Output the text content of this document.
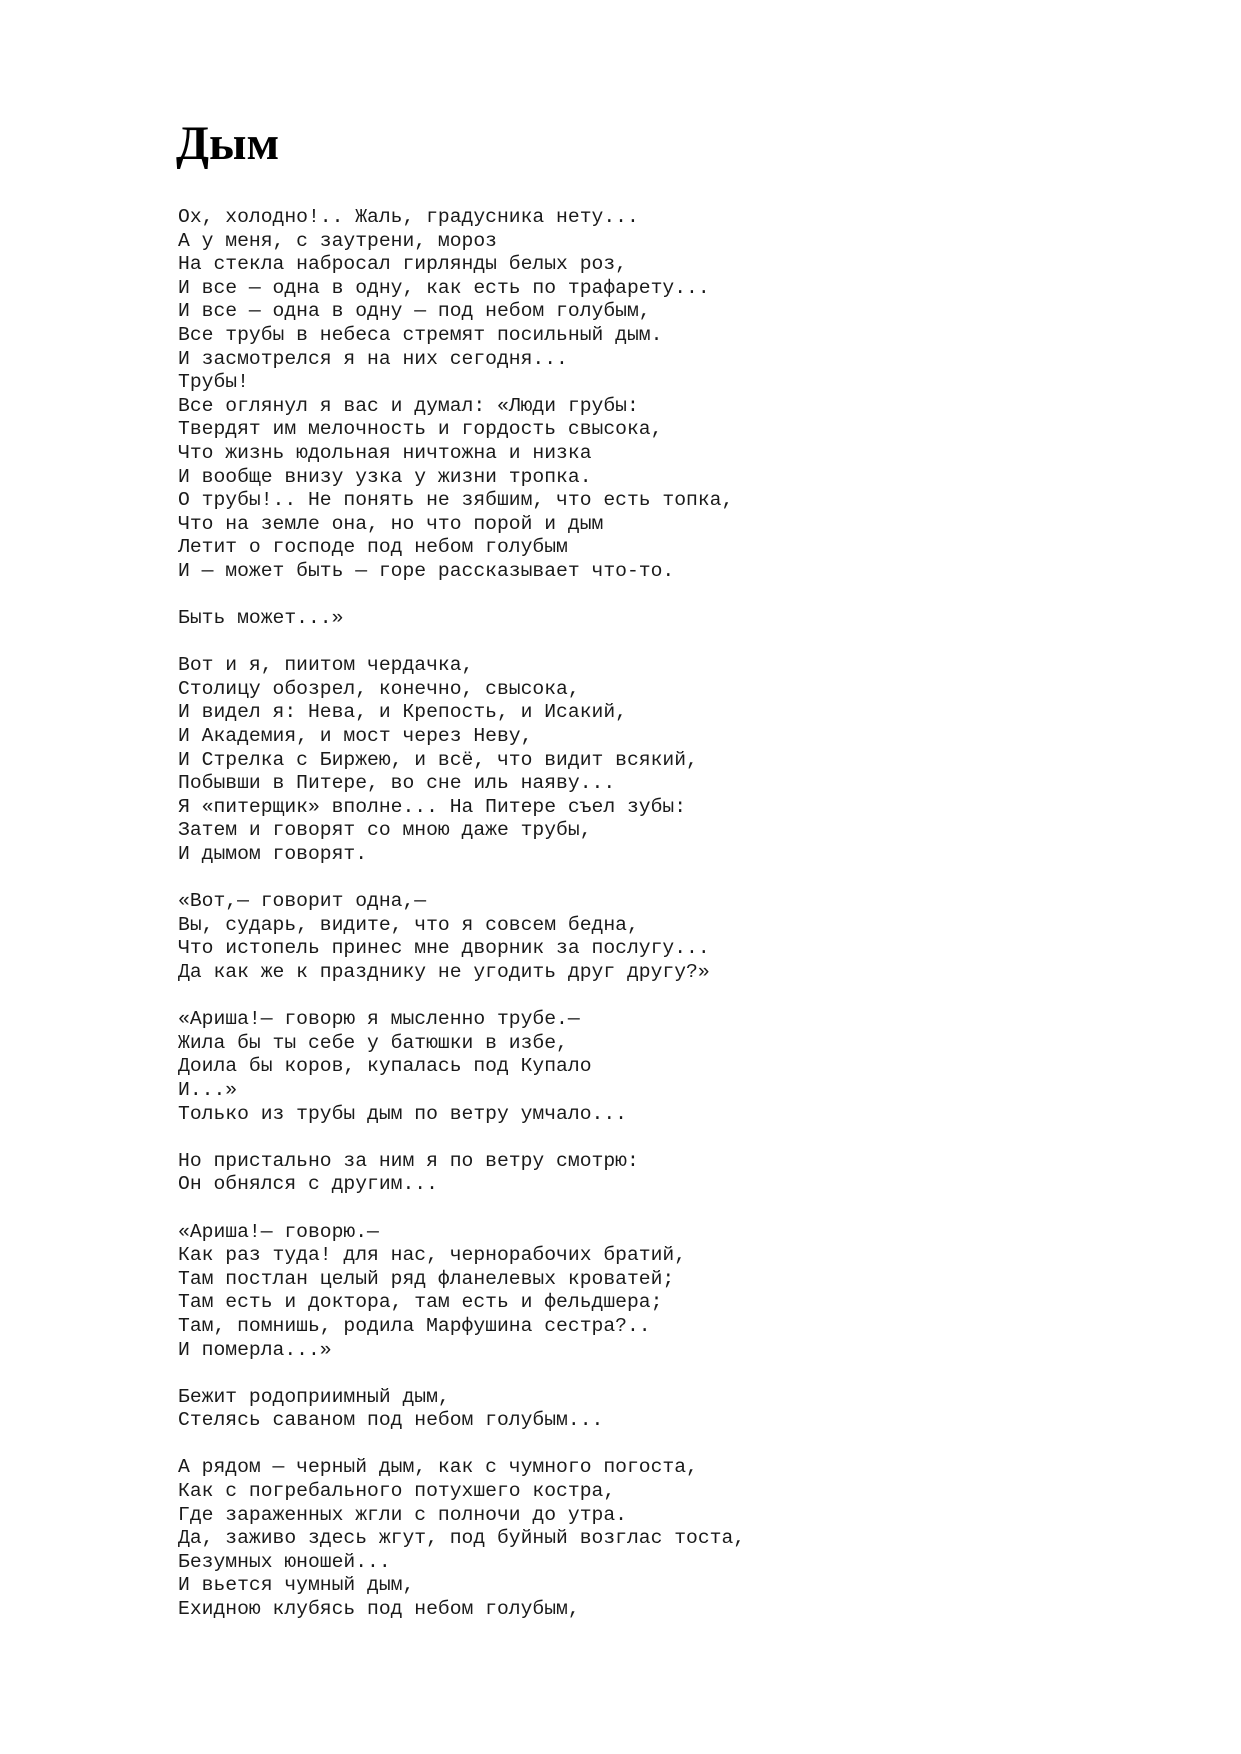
Дым
Ох, холодно!.. Жаль, градусника нету...
А у меня, с заутрени, мороз
На стекла набросал гирлянды белых роз,
И все — одна в одну, как есть по трафарету...
И все — одна в одну — под небом голубым,
Все трубы в небеса стремят посильный дым.
И засмотрелся я на них сегодня...
Трубы!
Все оглянул я вас и думал: «Люди грубы:
Твердят им мелочность и гордость свысока,
Что жизнь юдольная ничтожна и низка
И вообще внизу узка у жизни тропка.
О трубы!.. Не понять не зябшим, что есть топка,
Что на земле она, но что порой и дым
Летит о господе под небом голубым
И — может быть — горе рассказывает что-то.
Быть может...»
Вот и я, пиитом чердачка,
Столицу обозрел, конечно, свысока,
И видел я: Нева, и Крепость, и Исакий,
И Академия, и мост через Неву,
И Стрелка с Биржею, и всё, что видит всякий,
Побывши в Питере, во сне иль наяву...
Я «питерщик» вполне... На Питере съел зубы:
Затем и говорят со мною даже трубы,
И дымом говорят.
«Вот,— говорит одна,—
Вы, сударь, видите, что я совсем бедна,
Что истопель принес мне дворник за послугу...
Да как же к празднику не угодить друг другу?»
«Ариша!— говорю я мысленно трубе.—
Жила бы ты себе у батюшки в избе,
Доила бы коров, купалась под Купало
И...»
Только из трубы дым по ветру умчало...
Но пристально за ним я по ветру смотрю:
Он обнялся с другим...
«Ариша!— говорю.—
Как раз туда! для нас, чернорабочих братий,
Там постлан целый ряд фланелевых кроватей;
Там есть и доктора, там есть и фельдшера;
Там, помнишь, родила Марфушина сестра?..
И померла...»
Бежит родоприимный дым,
Стелясь саваном под небом голубым...
А рядом — черный дым, как с чумного погоста,
Как с погребального потухшего костра,
Где зараженных жгли с полночи до утра.
Да, заживо здесь жгут, под буйный возглас тоста,
Безумных юношей...
И вьется чумный дым,
Ехидною клубясь под небом голубым,
